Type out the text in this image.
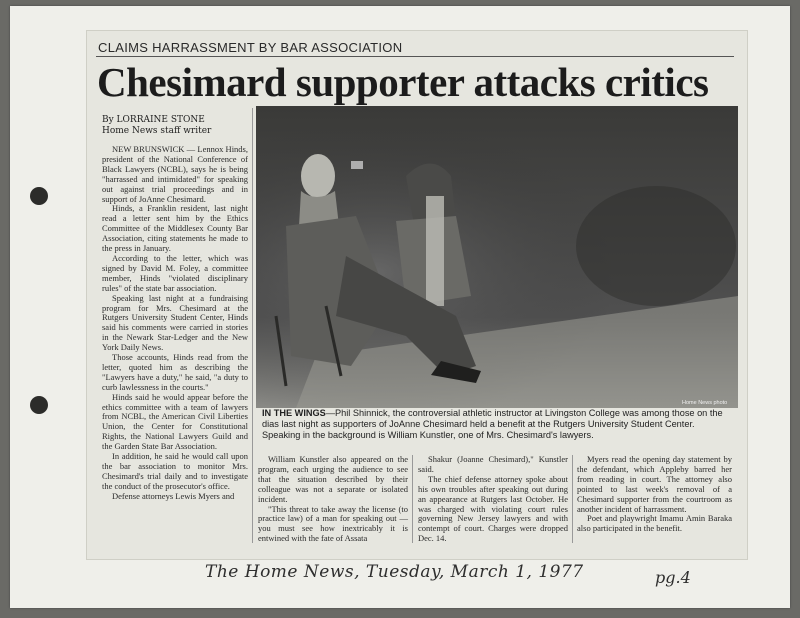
CLAIMS HARRASSMENT BY BAR ASSOCIATION
Chesimard supporter attacks critics
By LORRAINE STONE
Home News staff writer

NEW BRUNSWICK — Lennox Hinds, president of the National Conference of Black Lawyers (NCBL), says he is being "harrassed and intimidated" for speaking out against trial proceedings and in support of JoAnne Chesimard.

Hinds, a Franklin resident, last night read a letter sent him by the Ethics Committee of the Middlesex County Bar Association, citing statements he made to the press in January.

According to the letter, which was signed by David M. Foley, a committee member, Hinds "violated disciplinary rules" of the state bar association.

Speaking last night at a fundraising program for Mrs. Chesimard at the Rutgers University Student Center, Hinds said his comments were carried in stories in the Newark Star-Ledger and the New York Daily News.

Those accounts, Hinds read from the letter, quoted him as describing the "Lawyers have a duty," he said, "a duty to curb lawlessness in the courts."

Hinds said he would appear before the ethics committee with a team of lawyers from NCBL, the American Civil Liberties Union, the Center for Constitutional Rights, the National Lawyers Guild and the Garden State Bar Association.

In addition, he said he would call upon the bar association to monitor Mrs. Chesimard's trial daily and to investigate the conduct of the prosecutor's office.

Defense attorneys Lewis Myers and

Home News photo
IN THE WINGS—Phil Shinnick, the controversial athletic instructor at Livingston College was among those on the dias last night as supporters of JoAnne Chesimard held a benefit at the Rutgers University Student Center. Speaking in the background is William Kunstler, one of Mrs. Chesimard's lawyers.

William Kunstler also appeared on the program, each urging the audience to see that the situation described by their colleague was not a separate or isolated incident.

"This threat to take away the license (to practice law) of a man for speaking out — you must see how inextricably it is entwined with the fate of Assata

Shakur (Joanne Chesimard)," Kunstler said.

The chief defense attorney spoke about his own troubles after speaking out during an appearance at Rutgers last October. He was charged with violating court rules governing New Jersey lawyers and with contempt of court. Charges were dropped Dec. 14.

Myers read the opening day statement by the defendant, which Appleby barred her from reading in court. The attorney also pointed to last week's removal of a Chesimard supporter from the courtroom as another incident of harrassment.

Poet and playwright Imamu Amin Baraka also participated in the benefit.

The Home News, Tuesday, March 1, 1977	pg.4
